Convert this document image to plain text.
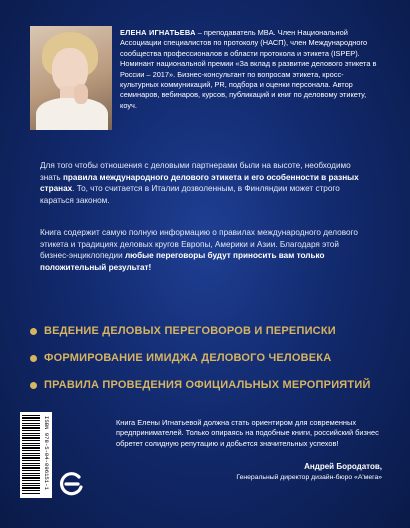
ЕЛЕНА ИГНАТЬЕВА – преподаватель MBA. Член Национальной Ассоциации специалистов по протоколу (НАСП), член Международного сообщества профессионалов в области протокола и этикета (ISPEP). Номинант национальной премии «За вклад в развитие делового этикета в России – 2017». Бизнес-консультант по вопросам этикета, кросс-культурных коммуникаций, PR, подбора и оценки персонала. Автор семинаров, вебинаров, курсов, публикаций и книг по деловому этикету, коуч.
Для того чтобы отношения с деловыми партнерами были на высоте, необходимо знать правила международного делового этикета и его особенности в разных странах. То, что считается в Италии дозволенным, в Финляндии может строго караться законом.
Книга содержит самую полную информацию о правилах международного делового этикета и традициях деловых кругов Европы, Америки и Азии. Благодаря этой бизнес-энциклопедии любые переговоры будут приносить вам только положительный результат!
ВЕДЕНИЕ ДЕЛОВЫХ ПЕРЕГОВОРОВ И ПЕРЕПИСКИ
ФОРМИРОВАНИЕ ИМИДЖА ДЕЛОВОГО ЧЕЛОВЕКА
ПРАВИЛА ПРОВЕДЕНИЯ ОФИЦИАЛЬНЫХ МЕРОПРИЯТИЙ
ISBN 978-5-04-096151-1	Книга Елены Игнатьевой должна стать ориентиром для современных предпринимателей. Только опираясь на подобные книги, российский бизнес обретет солидную репутацию и добьется значительных успехов!
Андрей Бородатов,
Генеральный директор дизайн-бюро «А'мега»
